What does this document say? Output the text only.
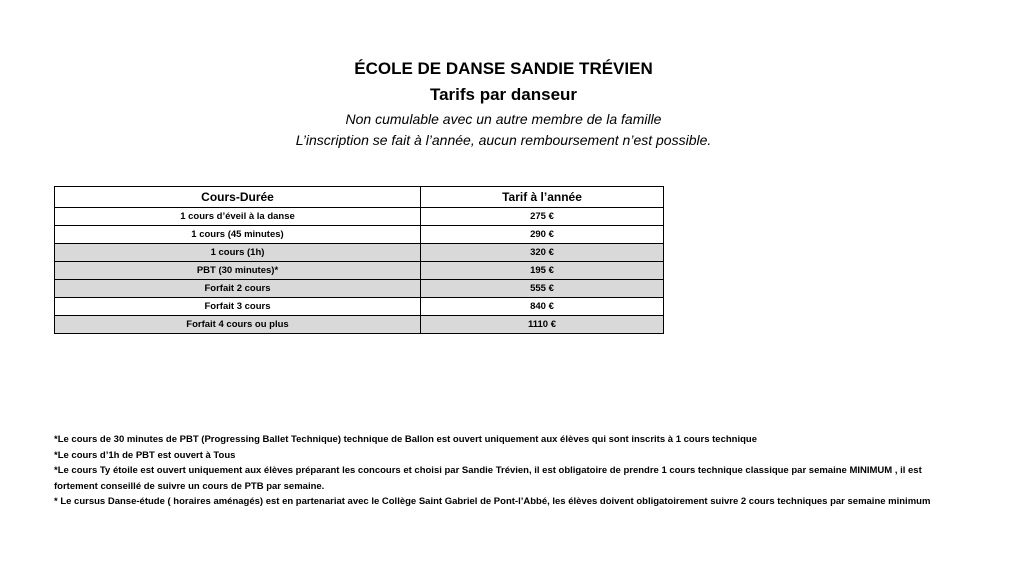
ÉCOLE DE DANSE SANDIE TRÉVIEN

Tarifs par danseur

Non cumulable avec un autre membre de la famille

L’inscription se fait à l’année, aucun remboursement n’est possible.

Cours-Durée	Tarif à l’année
1 cours d’éveil à la danse	275 €
1 cours (45 minutes)	290 €
1 cours (1h)	320 €
PBT (30 minutes)*	195 €
Forfait 2 cours	555 €
Forfait 3 cours	840 €
Forfait 4 cours ou plus	1110 €

*Le cours de 30 minutes de PBT (Progressing Ballet Technique) technique de Ballon est ouvert uniquement aux élèves qui sont inscrits à 1 cours technique

*Le cours d’1h de PBT est ouvert à Tous

*Le cours Ty étoile est ouvert uniquement aux élèves préparant les concours et choisi par Sandie Trévien, il est obligatoire de prendre 1 cours technique classique par semaine MINIMUM , il est fortement conseillé de suivre un cours de PTB par semaine.

* Le cursus Danse-étude ( horaires aménagés) est en partenariat avec le Collège Saint Gabriel de Pont-l’Abbé, les élèves doivent obligatoirement suivre 2 cours techniques par semaine minimum
